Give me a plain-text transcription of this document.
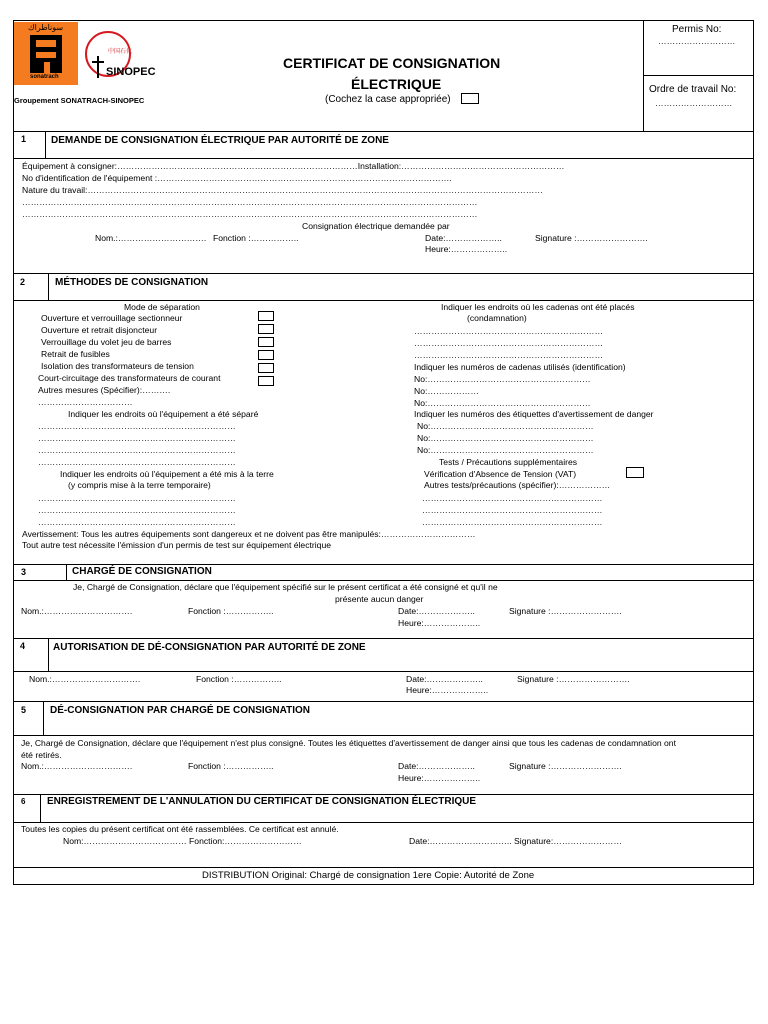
Permis No:
………………………
Ordre de travail No:
………………………
سوناطراك
sonatrach
中国石化
SINOPEC
Groupement SONATRACH-SINOPEC
CERTIFICAT DE CONSIGNATION
ÉLECTRIQUE
(Cochez la case appropriée)
1 DEMANDE DE CONSIGNATION ÉLECTRIQUE PAR AUTORITÉ DE ZONE
Équipement à consigner:…………………………………………………………………………Installation:…………………………………………………
No d'identification de l'équipement :………………………………………………………………………………………….
Nature du travail:……………………………………………………………………………………………………………………………………………
……………………………………………………………………………………………………………………………………………
……………………………………………………………………………………………………………………………………………
Consignation électrique demandée par
Nom.:…………………………. Fonction :……………..	Date:………………..	Signature :…………………….
Heure:………………..
2	MÉTHODES DE CONSIGNATION
Mode de séparation
Ouverture et verrouillage sectionneur
Ouverture et retrait disjoncteur
Verrouillage du volet jeu de barres
Retrait de fusibles
Isolation des transformateurs de tension
Court-circuitage des transformateurs de courant
Autres mesures (Spécifier):……….
……………………………
Indiquer les endroits où l'équipement a été séparé
……………………………………………………………
……………………………………………………………
……………………………………………………………
……………………………………………………………
Indiquer les endroits où l'équipement a été mis à la terre
(y compris mise à la terre temporaire)
……………………………………………………………
……………………………………………………………
……………………………………………………………
Indiquer les endroits où les cadenas ont été placés
(condamnation)
…………………………………………………………
…………………………………………………………
…………………………………………………………
Indiquer les numéros de cadenas utilisés (identification)
No:…………………………………………………
No:………………
No:…………………………………………………
Indiquer les numéros des étiquettes d'avertissement de danger
No:…………………………………………………
No:…………………………………………………
No:…………………………………………………
Tests / Précautions supplémentaires
Vérification d'Absence de Tension (VAT)
Autres tests/précautions (spécifier):………………
………………………………………………………
………………………………………………………
………………………………………………………
Avertissement: Tous les autres équipements sont dangereux et ne doivent pas être manipulés:……………………………
Tout autre test nécessite l'émission d'un permis de test sur équipement électrique
3	CHARGÉ DE CONSIGNATION
Je, Chargé de Consignation, déclare que l'équipement spécifié sur le présent certificat a été consigné et qu'il ne
présente aucun danger
Nom.:………………………….	Fonction :……………..	Date:………………..	Signature :…………………….
Heure:………………..
4	AUTORISATION DE DÉ-CONSIGNATION PAR AUTORITÉ DE ZONE
Nom.:………………………….	Fonction :……………..	Date:………………..	Signature :…………………….
Heure:………………..
5 DÉ-CONSIGNATION PAR CHARGÉ DE CONSIGNATION
Je, Chargé de Consignation, déclare que l'équipement n'est plus consigné. Toutes les étiquettes d'avertissement de danger ainsi que tous les cadenas de condamnation ont
été retirés.
Nom.:………………………….	Fonction :……………..	Date:………………..	Signature :…………………….
Heure:………………..
6 ENREGISTREMENT DE L'ANNULATION DU CERTIFICAT DE CONSIGNATION ÉLECTRIQUE
Toutes les copies du présent certificat ont été rassemblées. Ce certificat est annulé.
Nom:……………………………… Fonction:………………………	Date:……………………….. Signature:……………………
DISTRIBUTION Original: Chargé de consignation 1ere Copie: Autorité de Zone
